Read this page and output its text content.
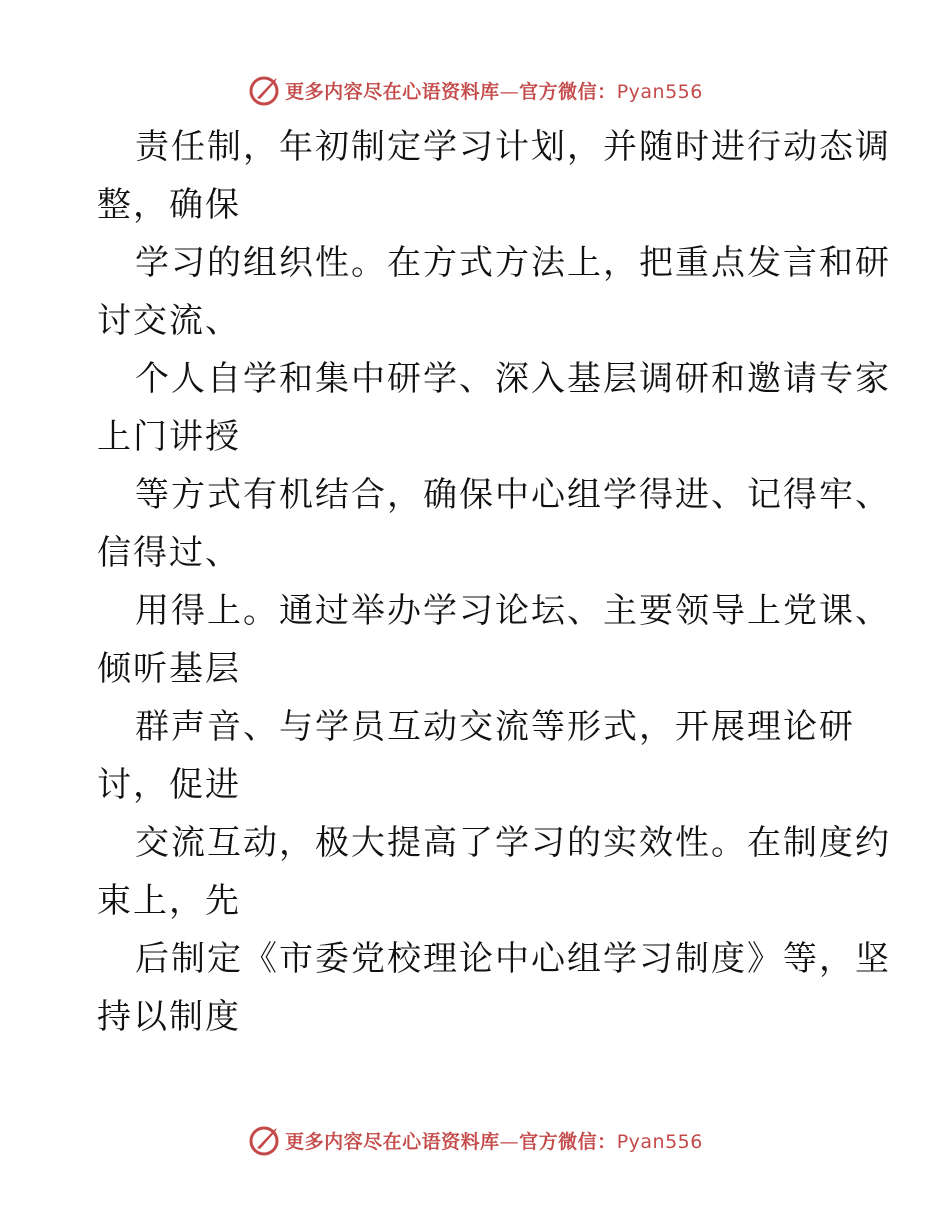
更多内容尽在心语资料库—官方微信：Pyan556
责任制，年初制定学习计划，并随时进行动态调
整，确保
学习的组织性。在方式方法上，把重点发言和研
讨交流、
个人自学和集中研学、深入基层调研和邀请专家
上门讲授
等方式有机结合，确保中心组学得进、记得牢、
信得过、
用得上。通过举办学习论坛、主要领导上党课、
倾听基层
群声音、与学员互动交流等形式，开展理论研
讨，促进
交流互动，极大提高了学习的实效性。在制度约
束上，先
后制定《市委党校理论中心组学习制度》等，坚
持以制度
更多内容尽在心语资料库—官方微信：Pyan556
